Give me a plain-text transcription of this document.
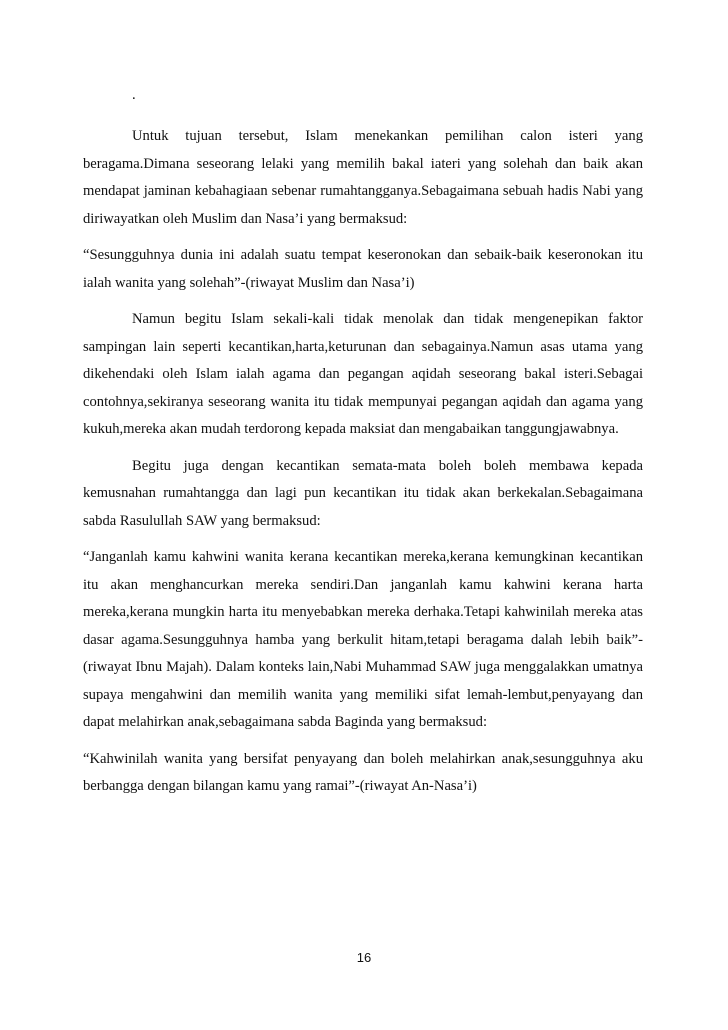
.

Untuk tujuan tersebut, Islam menekankan pemilihan calon isteri yang beragama.Dimana seseorang lelaki yang memilih bakal iateri yang solehah dan baik akan mendapat jaminan kebahagiaan sebenar rumahtangganya.Sebagaimana sebuah hadis Nabi yang diriwayatkan oleh Muslim dan Nasa’i yang bermaksud:

“Sesungguhnya dunia ini adalah suatu tempat keseronokan dan sebaik-baik keseronokan itu ialah wanita yang solehah”-(riwayat Muslim dan Nasa’i)

Namun begitu Islam sekali-kali tidak menolak dan tidak mengenepikan faktor sampingan lain seperti kecantikan,harta,keturunan dan sebagainya.Namun asas utama yang dikehendaki oleh Islam ialah agama dan pegangan aqidah seseorang bakal isteri.Sebagai contohnya,sekiranya seseorang wanita itu tidak mempunyai pegangan aqidah dan agama yang kukuh,mereka akan mudah terdorong kepada maksiat dan mengabaikan tanggungjawabnya.

Begitu juga dengan kecantikan semata-mata boleh boleh membawa kepada kemusnahan rumahtangga dan lagi pun kecantikan itu tidak akan berkekalan.Sebagaimana sabda Rasulullah SAW yang bermaksud:

“Janganlah kamu kahwini wanita kerana kecantikan mereka,kerana kemungkinan kecantikan itu akan menghancurkan mereka sendiri.Dan janganlah kamu kahwini kerana harta mereka,kerana mungkin harta itu menyebabkan mereka derhaka.Tetapi kahwinilah mereka atas dasar agama.Sesungguhnya hamba yang berkulit hitam,tetapi beragama dalah lebih baik”-(riwayat Ibnu Majah). Dalam konteks lain,Nabi Muhammad SAW juga menggalakkan umatnya supaya mengahwini dan memilih wanita yang memiliki sifat lemah-lembut,penyayang dan dapat melahirkan anak,sebagaimana sabda Baginda yang bermaksud:

“Kahwinilah wanita yang bersifat penyayang dan boleh melahirkan anak,sesungguhnya aku berbangga dengan bilangan kamu yang ramai”-(riwayat An-Nasa’i)

16
